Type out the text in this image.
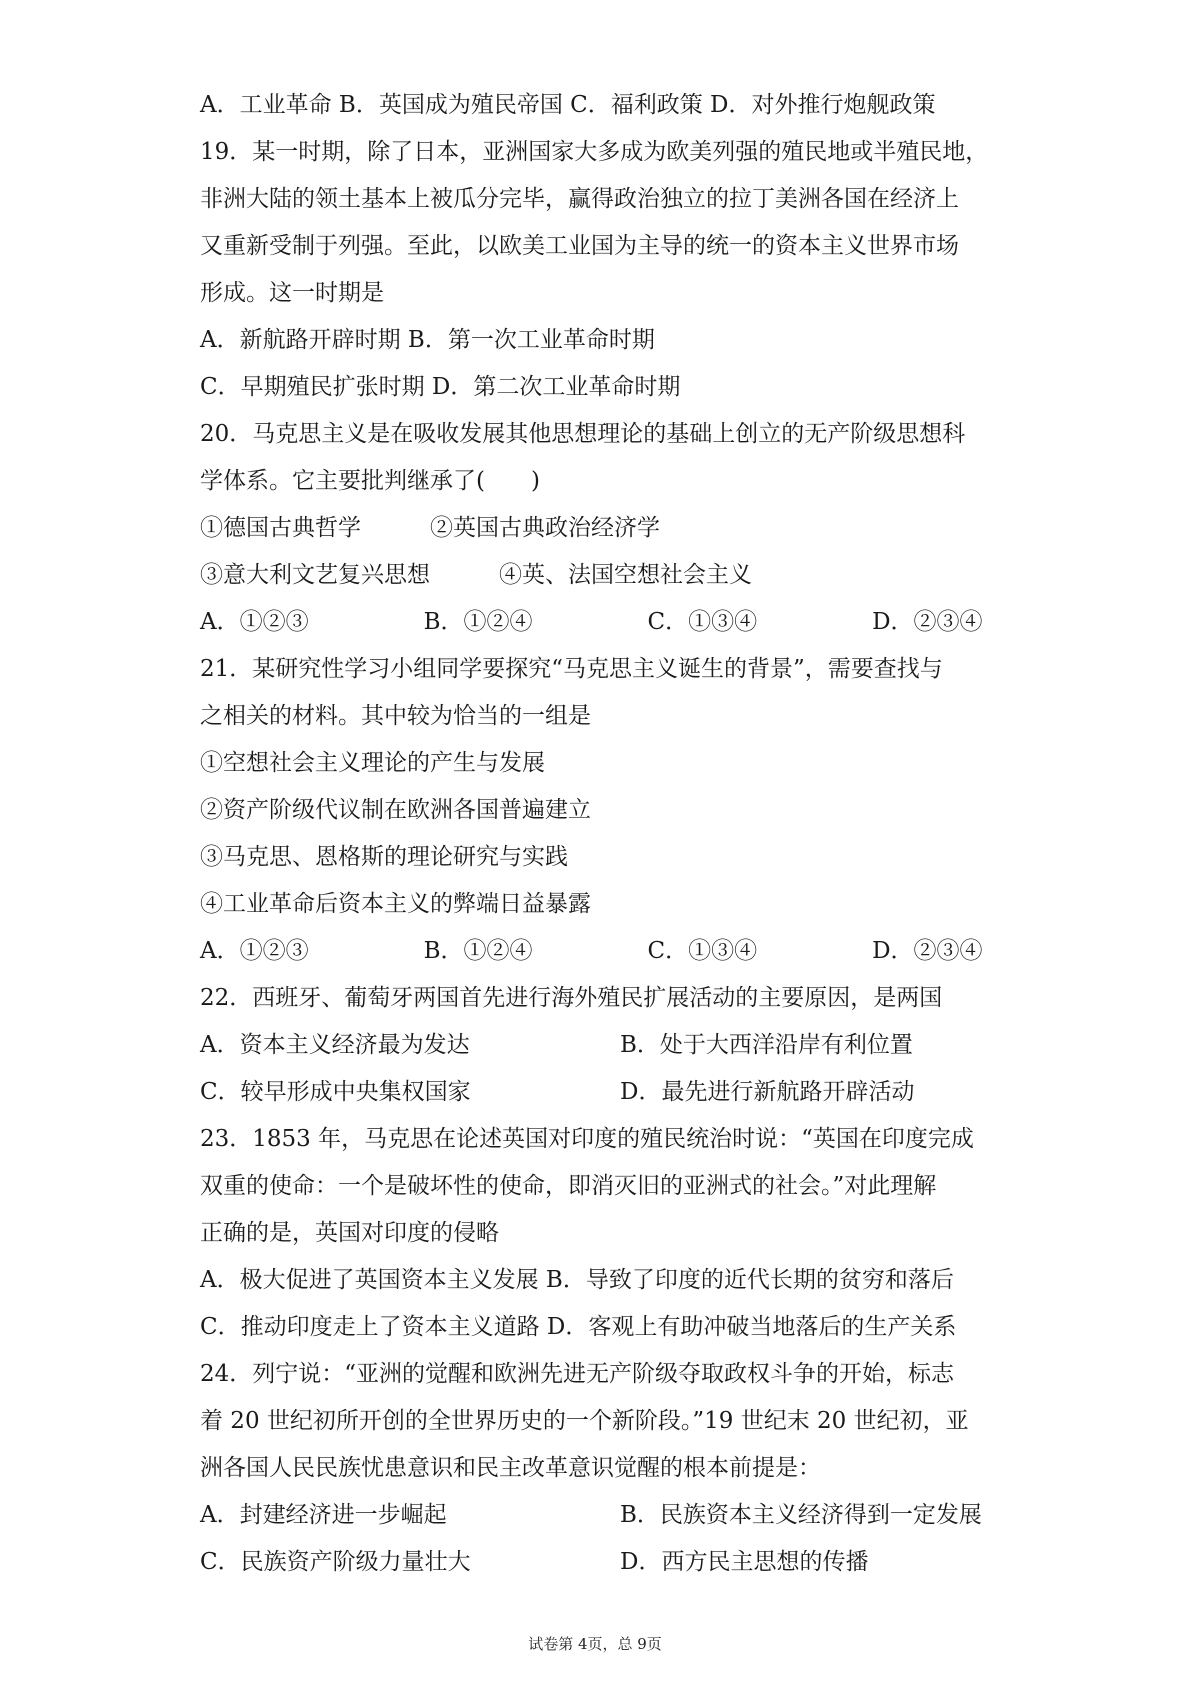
A．工业革命 B．英国成为殖民帝国 C．福利政策 D．对外推行炮舰政策
19．某一时期，除了日本，亚洲国家大多成为欧美列强的殖民地或半殖民地，
非洲大陆的领土基本上被瓜分完毕，赢得政治独立的拉丁美洲各国在经济上
又重新受制于列强。至此，以欧美工业国为主导的统一的资本主义世界市场
形成。这一时期是
A．新航路开辟时期 B．第一次工业革命时期
C．早期殖民扩张时期 D．第二次工业革命时期
20．马克思主义是在吸收发展其他思想理论的基础上创立的无产阶级思想科
学体系。它主要批判继承了(　　)
①德国古典哲学　　　②英国古典政治经济学
③意大利文艺复兴思想　　　④英、法国空想社会主义
A．①②③　　　　　B．①②④　　　　　C．①③④　　　　　D．②③④
21．某研究性学习小组同学要探究“马克思主义诞生的背景”，需要查找与
之相关的材料。其中较为恰当的一组是
①空想社会主义理论的产生与发展
②资产阶级代议制在欧洲各国普遍建立
③马克思、恩格斯的理论研究与实践
④工业革命后资本主义的弊端日益暴露
A．①②③　　　　　B．①②④　　　　　C．①③④　　　　　D．②③④
22．西班牙、葡萄牙两国首先进行海外殖民扩展活动的主要原因，是两国
A．资本主义经济最为发达	B．处于大西洋沿岸有利位置
C．较早形成中央集权国家	D．最先进行新航路开辟活动
23．1853 年，马克思在论述英国对印度的殖民统治时说：“英国在印度完成
双重的使命：一个是破坏性的使命，即消灭旧的亚洲式的社会。”对此理解
正确的是，英国对印度的侵略
A．极大促进了英国资本主义发展 B．导致了印度的近代长期的贫穷和落后
C．推动印度走上了资本主义道路 D．客观上有助冲破当地落后的生产关系
24．列宁说：“亚洲的觉醒和欧洲先进无产阶级夺取政权斗争的开始，标志
着 20 世纪初所开创的全世界历史的一个新阶段。”19 世纪末 20 世纪初，亚
洲各国人民民族忧患意识和民主改革意识觉醒的根本前提是：
A．封建经济进一步崛起	B．民族资本主义经济得到一定发展
C．民族资产阶级力量壮大	D．西方民主思想的传播
试卷第 4页，总 9页
